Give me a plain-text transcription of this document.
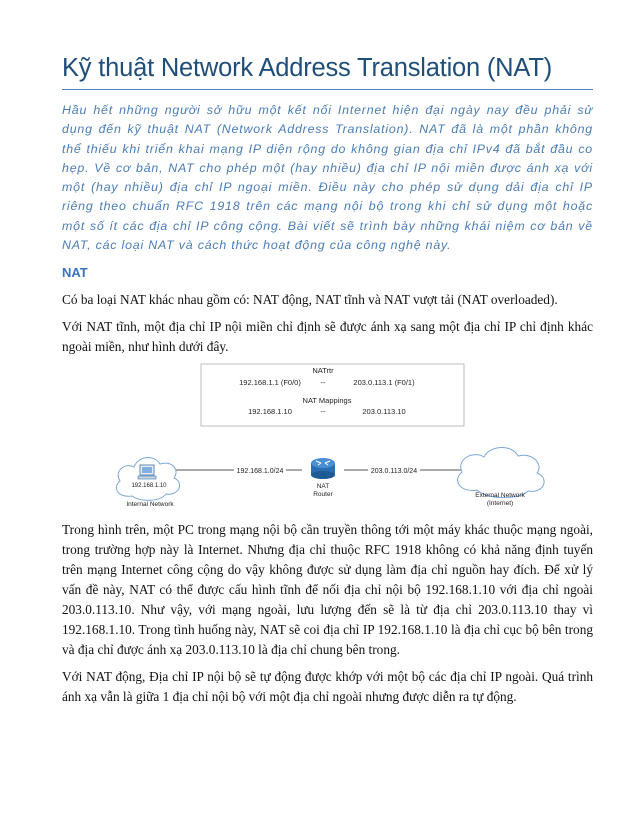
Kỹ thuật Network Address Translation (NAT)

Hầu hết những người sở hữu một kết nối Internet hiện đại ngày nay đều phải sử dụng đến kỹ thuật NAT (Network Address Translation). NAT đã là một phần không thể thiếu khi triển khai mạng IP diện rộng do không gian địa chỉ IPv4 đã bắt đầu co hẹp. Về cơ bản, NAT cho phép một (hay nhiều) địa chỉ IP nội miền được ánh xạ với một (hay nhiều) địa chỉ IP ngoại miền. Điều này cho phép sử dụng dải địa chỉ IP riêng theo chuẩn RFC 1918 trên các mạng nội bộ trong khi chỉ sử dụng một hoặc một số ít các địa chỉ IP công cộng. Bài viết sẽ trình bày những khái niệm cơ bản về NAT, các loại NAT và cách thức hoạt động của công nghệ này.

NAT

Có ba loại NAT khác nhau gồm có: NAT động, NAT tĩnh và NAT vượt tải (NAT overloaded).

Với NAT tĩnh, một địa chỉ IP nội miền chỉ định sẽ được ánh xạ sang một địa chỉ IP chỉ định khác ngoài miền, như hình dưới đây.

NATrtr
192.168.1.1 (F0/0)	--	203.0.113.1 (F0/1)
NAT Mappings
192.168.1.10	--	203.0.113.10
192.168.1.0/24	203.0.113.0/24
192.168.1.10
Internal Network
NAT
Router	External Network
(Internet)

Trong hình trên, một PC trong mạng nội bộ cần truyền thông tới một máy khác thuộc mạng ngoài, trong trường hợp này là Internet. Nhưng địa chỉ thuộc RFC 1918 không có khả năng định tuyến trên mạng Internet công cộng do vậy không được sử dụng làm địa chỉ nguồn hay đích. Để xử lý vấn đề này, NAT có thể được cấu hình tĩnh để nối địa chỉ nội bộ 192.168.1.10 với địa chỉ ngoài 203.0.113.10. Như vậy, với mạng ngoài, lưu lượng đến sẽ là từ địa chỉ 203.0.113.10 thay vì 192.168.1.10. Trong tình huống này, NAT sẽ coi địa chỉ IP 192.168.1.10 là địa chỉ cục bộ bên trong và địa chỉ được ánh xạ 203.0.113.10 là địa chỉ chung bên trong.

Với NAT động, Địa chỉ IP nội bộ sẽ tự động được khớp với một bộ các địa chỉ IP ngoài. Quá trình ánh xạ vẫn là giữa 1 địa chỉ nội bộ với một địa chỉ ngoài nhưng được diễn ra tự động.
